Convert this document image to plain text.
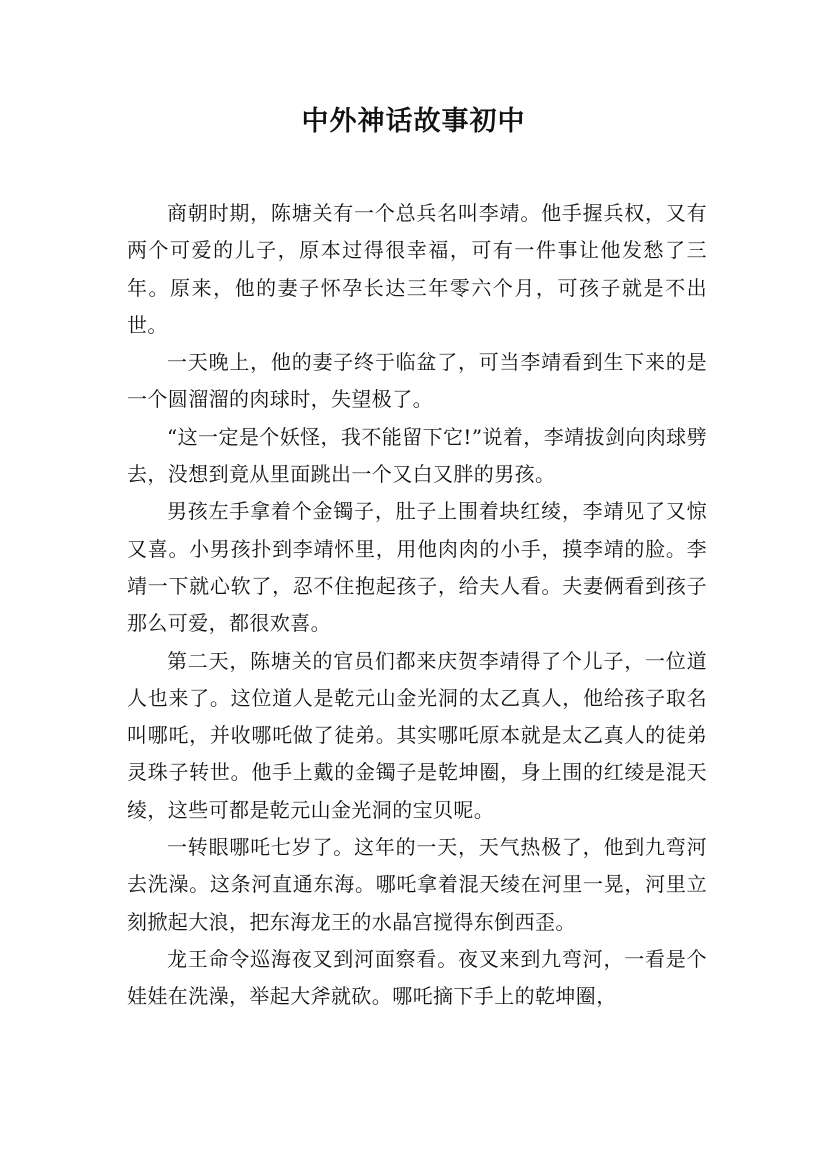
中外神话故事初中

商朝时期，陈塘关有一个总兵名叫李靖。他手握兵权，又有两个可爱的儿子，原本过得很幸福，可有一件事让他发愁了三年。原来，他的妻子怀孕长达三年零六个月，可孩子就是不出世。

一天晚上，他的妻子终于临盆了，可当李靖看到生下来的是一个圆溜溜的肉球时，失望极了。

“这一定是个妖怪，我不能留下它!”说着，李靖拔剑向肉球劈去，没想到竟从里面跳出一个又白又胖的男孩。

男孩左手拿着个金镯子，肚子上围着块红绫，李靖见了又惊又喜。小男孩扑到李靖怀里，用他肉肉的小手，摸李靖的脸。李靖一下就心软了，忍不住抱起孩子，给夫人看。夫妻俩看到孩子那么可爱，都很欢喜。

第二天，陈塘关的官员们都来庆贺李靖得了个儿子，一位道人也来了。这位道人是乾元山金光洞的太乙真人，他给孩子取名叫哪吒，并收哪吒做了徒弟。其实哪吒原本就是太乙真人的徒弟灵珠子转世。他手上戴的金镯子是乾坤圈，身上围的红绫是混天绫，这些可都是乾元山金光洞的宝贝呢。

一转眼哪吒七岁了。这年的一天，天气热极了，他到九弯河去洗澡。这条河直通东海。哪吒拿着混天绫在河里一晃，河里立刻掀起大浪，把东海龙王的水晶宫搅得东倒西歪。

龙王命令巡海夜叉到河面察看。夜叉来到九弯河，一看是个娃娃在洗澡，举起大斧就砍。哪吒摘下手上的乾坤圈，
